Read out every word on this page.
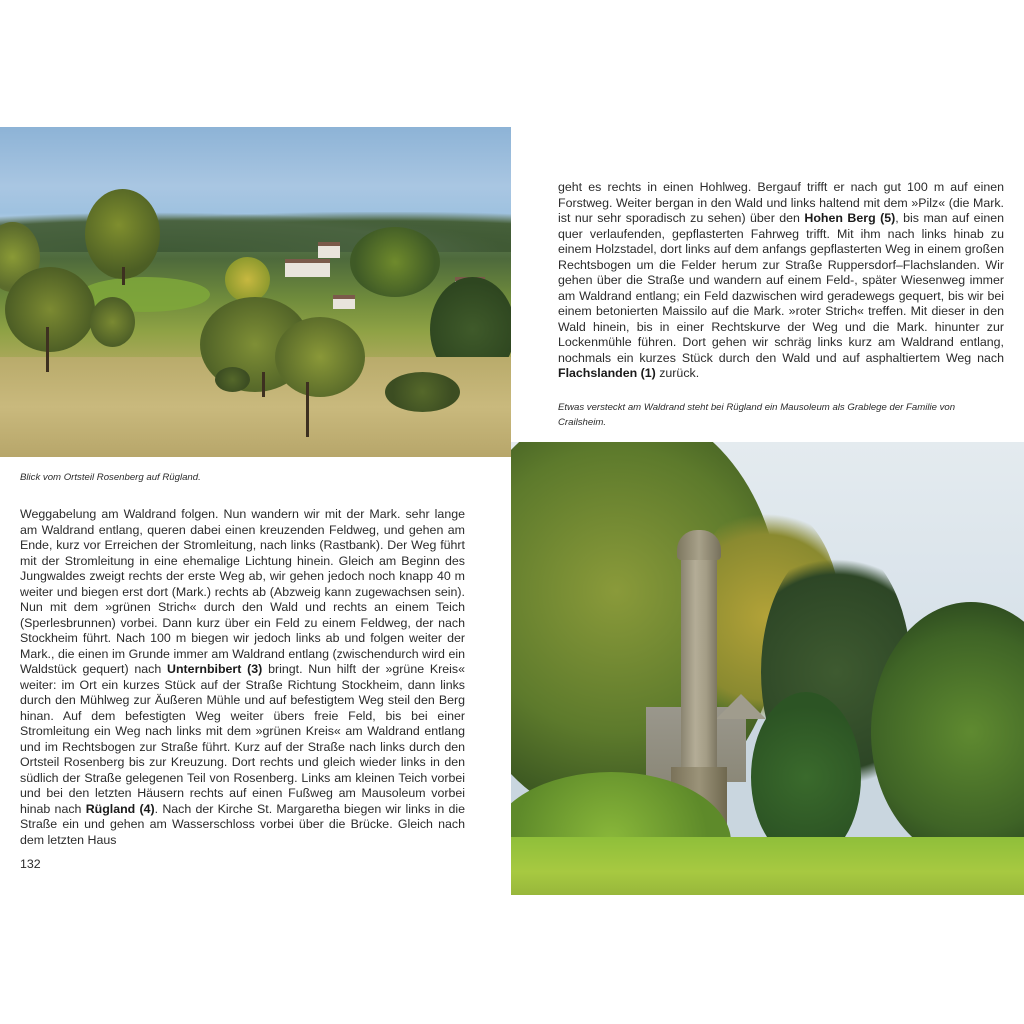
Blick vom Ortsteil Rosenberg auf Rügland.

geht es rechts in einen Hohlweg. Bergauf trifft er nach gut 100 m auf einen Forstweg. Weiter bergan in den Wald und links haltend mit dem »Pilz« (die Mark. ist nur sehr sporadisch zu sehen) über den Hohen Berg (5), bis man auf einen quer verlaufenden, gepflasterten Fahrweg trifft. Mit ihm nach links hinab zu einem Holzstadel, dort links auf dem anfangs gepflasterten Weg in einem großen Rechtsbogen um die Felder herum zur Straße Ruppersdorf–Flachslanden. Wir gehen über die Straße und wandern auf einem Feld-, später Wiesenweg immer am Waldrand entlang; ein Feld dazwischen wird geradewegs gequert, bis wir bei einem betonierten Maissilo auf die Mark. »roter Strich« treffen. Mit dieser in den Wald hinein, bis in einer Rechtskurve der Weg und die Mark. hinunter zur Lockenmühle führen. Dort gehen wir schräg links kurz am Waldrand entlang, nochmals ein kurzes Stück durch den Wald und auf asphaltiertem Weg nach Flachslanden (1) zurück.

Etwas versteckt am Waldrand steht bei Rügland ein Mausoleum als Grablege der Familie von Crailsheim.

Weggabelung am Waldrand folgen. Nun wandern wir mit der Mark. sehr lange am Waldrand entlang, queren dabei einen kreuzenden Feldweg, und gehen am Ende, kurz vor Erreichen der Stromleitung, nach links (Rastbank). Der Weg führt mit der Stromleitung in eine ehemalige Lichtung hinein. Gleich am Beginn des Jungwaldes zweigt rechts der erste Weg ab, wir gehen jedoch noch knapp 40 m weiter und biegen erst dort (Mark.) rechts ab (Abzweig kann zugewachsen sein). Nun mit dem »grünen Strich« durch den Wald und rechts an einem Teich (Sperlesbrunnen) vorbei. Dann kurz über ein Feld zu einem Feldweg, der nach Stockheim führt. Nach 100 m biegen wir jedoch links ab und folgen weiter der Mark., die einen im Grunde immer am Waldrand entlang (zwischendurch wird ein Waldstück gequert) nach Unternbibert (3) bringt. Nun hilft der »grüne Kreis« weiter: im Ort ein kurzes Stück auf der Straße Richtung Stockheim, dann links durch den Mühlweg zur Äußeren Mühle und auf befestigtem Weg steil den Berg hinan. Auf dem befestigten Weg weiter übers freie Feld, bis bei einer Stromleitung ein Weg nach links mit dem »grünen Kreis« am Waldrand entlang und im Rechtsbogen zur Straße führt. Kurz auf der Straße nach links durch den Ortsteil Rosenberg bis zur Kreuzung. Dort rechts und gleich wieder links in den südlich der Straße gelegenen Teil von Rosenberg. Links am kleinen Teich vorbei und bei den letzten Häusern rechts auf einen Fußweg am Mausoleum vorbei hinab nach Rügland (4). Nach der Kirche St. Margaretha biegen wir links in die Straße ein und gehen am Wasserschloss vorbei über die Brücke. Gleich nach dem letzten Haus

132
